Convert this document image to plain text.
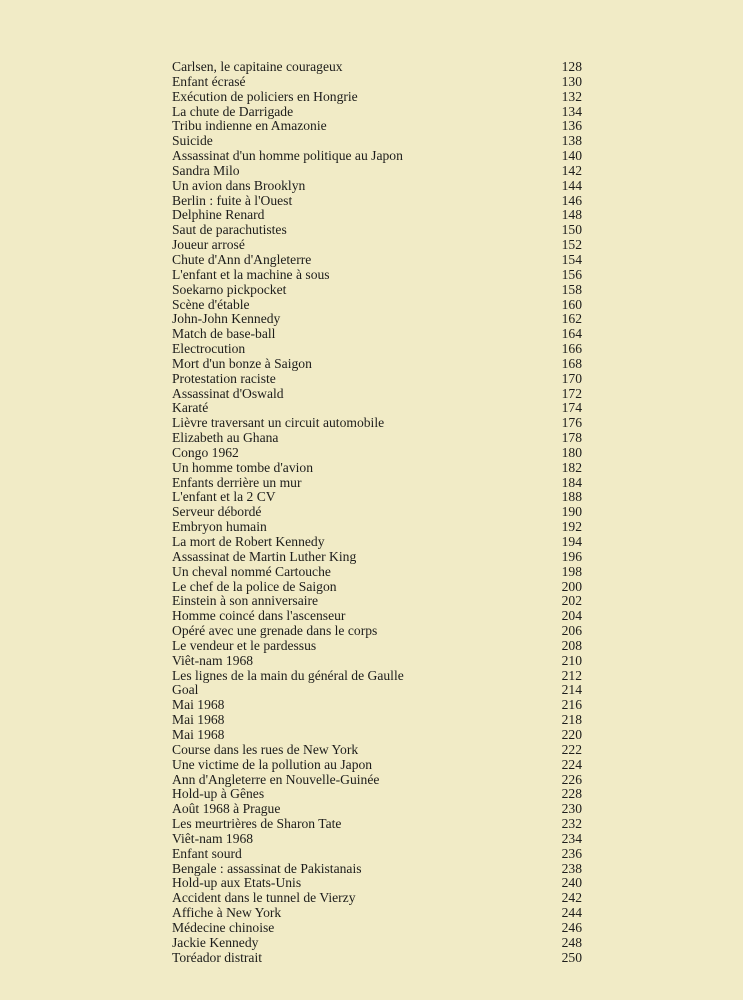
Carlsen, le capitaine courageux	128
Enfant écrasé	130
Exécution de policiers en Hongrie	132
La chute de Darrigade	134
Tribu indienne en Amazonie	136
Suicide	138
Assassinat d'un homme politique au Japon	140
Sandra Milo	142
Un avion dans Brooklyn	144
Berlin : fuite à l'Ouest	146
Delphine Renard	148
Saut de parachutistes	150
Joueur arrosé	152
Chute d'Ann d'Angleterre	154
L'enfant et la machine à sous	156
Soekarno pickpocket	158
Scène d'étable	160
John-John Kennedy	162
Match de base-ball	164
Electrocution	166
Mort d'un bonze à Saigon	168
Protestation raciste	170
Assassinat d'Oswald	172
Karaté	174
Lièvre traversant un circuit automobile	176
Elizabeth au Ghana	178
Congo 1962	180
Un homme tombe d'avion	182
Enfants derrière un mur	184
L'enfant et la 2 CV	188
Serveur débordé	190
Embryon humain	192
La mort de Robert Kennedy	194
Assassinat de Martin Luther King	196
Un cheval nommé Cartouche	198
Le chef de la police de Saigon	200
Einstein à son anniversaire	202
Homme coincé dans l'ascenseur	204
Opéré avec une grenade dans le corps	206
Le vendeur et le pardessus	208
Viêt-nam 1968	210
Les lignes de la main du général de Gaulle	212
Goal	214
Mai 1968	216
Mai 1968	218
Mai 1968	220
Course dans les rues de New York	222
Une victime de la pollution au Japon	224
Ann d'Angleterre en Nouvelle-Guinée	226
Hold-up à Gênes	228
Août 1968 à Prague	230
Les meurtrières de Sharon Tate	232
Viêt-nam 1968	234
Enfant sourd	236
Bengale : assassinat de Pakistanais	238
Hold-up aux Etats-Unis	240
Accident dans le tunnel de Vierzy	242
Affiche à New York	244
Médecine chinoise	246
Jackie Kennedy	248
Toréador distrait	250
